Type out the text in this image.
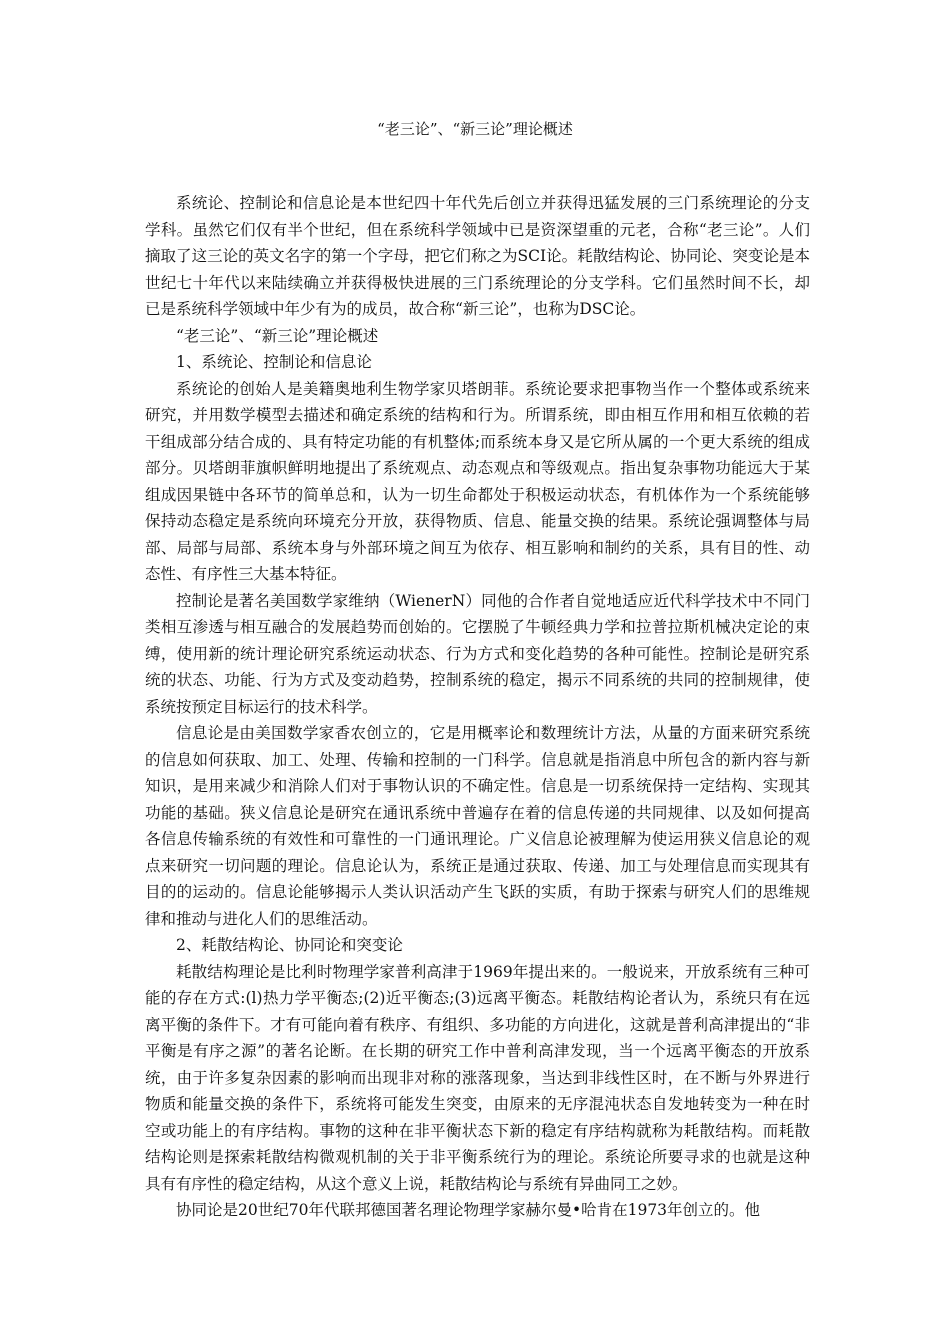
“老三论”、“新三论”理论概述

系统论、控制论和信息论是本世纪四十年代先后创立并获得迅猛发展的三门系统理论的分支学科。虽然它们仅有半个世纪，但在系统科学领域中已是资深望重的元老，合称“老三论”。人们摘取了这三论的英文名字的第一个字母，把它们称之为SCI论。耗散结构论、协同论、突变论是本世纪七十年代以来陆续确立并获得极快进展的三门系统理论的分支学科。它们虽然时间不长，却已是系统科学领域中年少有为的成员，故合称“新三论”，也称为DSC论。

“老三论”、“新三论”理论概述

1、系统论、控制论和信息论

系统论的创始人是美籍奥地利生物学家贝塔朗菲。系统论要求把事物当作一个整体或系统来研究，并用数学模型去描述和确定系统的结构和行为。所谓系统，即由相互作用和相互依赖的若干组成部分结合成的、具有特定功能的有机整体;而系统本身又是它所从属的一个更大系统的组成部分。贝塔朗菲旗帜鲜明地提出了系统观点、动态观点和等级观点。指出复杂事物功能远大于某组成因果链中各环节的简单总和，认为一切生命都处于积极运动状态，有机体作为一个系统能够保持动态稳定是系统向环境充分开放，获得物质、信息、能量交换的结果。系统论强调整体与局部、局部与局部、系统本身与外部环境之间互为依存、相互影响和制约的关系，具有目的性、动态性、有序性三大基本特征。

控制论是著名美国数学家维纳（WienerN）同他的合作者自觉地适应近代科学技术中不同门类相互渗透与相互融合的发展趋势而创始的。它摆脱了牛顿经典力学和拉普拉斯机械决定论的束缚，使用新的统计理论研究系统运动状态、行为方式和变化趋势的各种可能性。控制论是研究系统的状态、功能、行为方式及变动趋势，控制系统的稳定，揭示不同系统的共同的控制规律，使系统按预定目标运行的技术科学。

信息论是由美国数学家香农创立的，它是用概率论和数理统计方法，从量的方面来研究系统的信息如何获取、加工、处理、传输和控制的一门科学。信息就是指消息中所包含的新内容与新知识，是用来减少和消除人们对于事物认识的不确定性。信息是一切系统保持一定结构、实现其功能的基础。狭义信息论是研究在通讯系统中普遍存在着的信息传递的共同规律、以及如何提高各信息传输系统的有效性和可靠性的一门通讯理论。广义信息论被理解为使运用狭义信息论的观点来研究一切问题的理论。信息论认为，系统正是通过获取、传递、加工与处理信息而实现其有目的的运动的。信息论能够揭示人类认识活动产生飞跃的实质，有助于探索与研究人们的思维规律和推动与进化人们的思维活动。

2、耗散结构论、协同论和突变论

耗散结构理论是比利时物理学家普利高津于1969年提出来的。一般说来，开放系统有三种可能的存在方式:(l)热力学平衡态;(2)近平衡态;(3)远离平衡态。耗散结构论者认为，系统只有在远离平衡的条件下。才有可能向着有秩序、有组织、多功能的方向进化，这就是普利高津提出的“非平衡是有序之源”的著名论断。在长期的研究工作中普利高津发现，当一个远离平衡态的开放系统，由于许多复杂因素的影响而出现非对称的涨落现象，当达到非线性区时，在不断与外界进行物质和能量交换的条件下，系统将可能发生突变，由原来的无序混沌状态自发地转变为一种在时空或功能上的有序结构。事物的这种在非平衡状态下新的稳定有序结构就称为耗散结构。而耗散结构论则是探索耗散结构微观机制的关于非平衡系统行为的理论。系统论所要寻求的也就是这种具有有序性的稳定结构，从这个意义上说，耗散结构论与系统有异曲同工之妙。

协同论是20世纪70年代联邦德国著名理论物理学家赫尔曼•哈肯在1973年创立的。他
